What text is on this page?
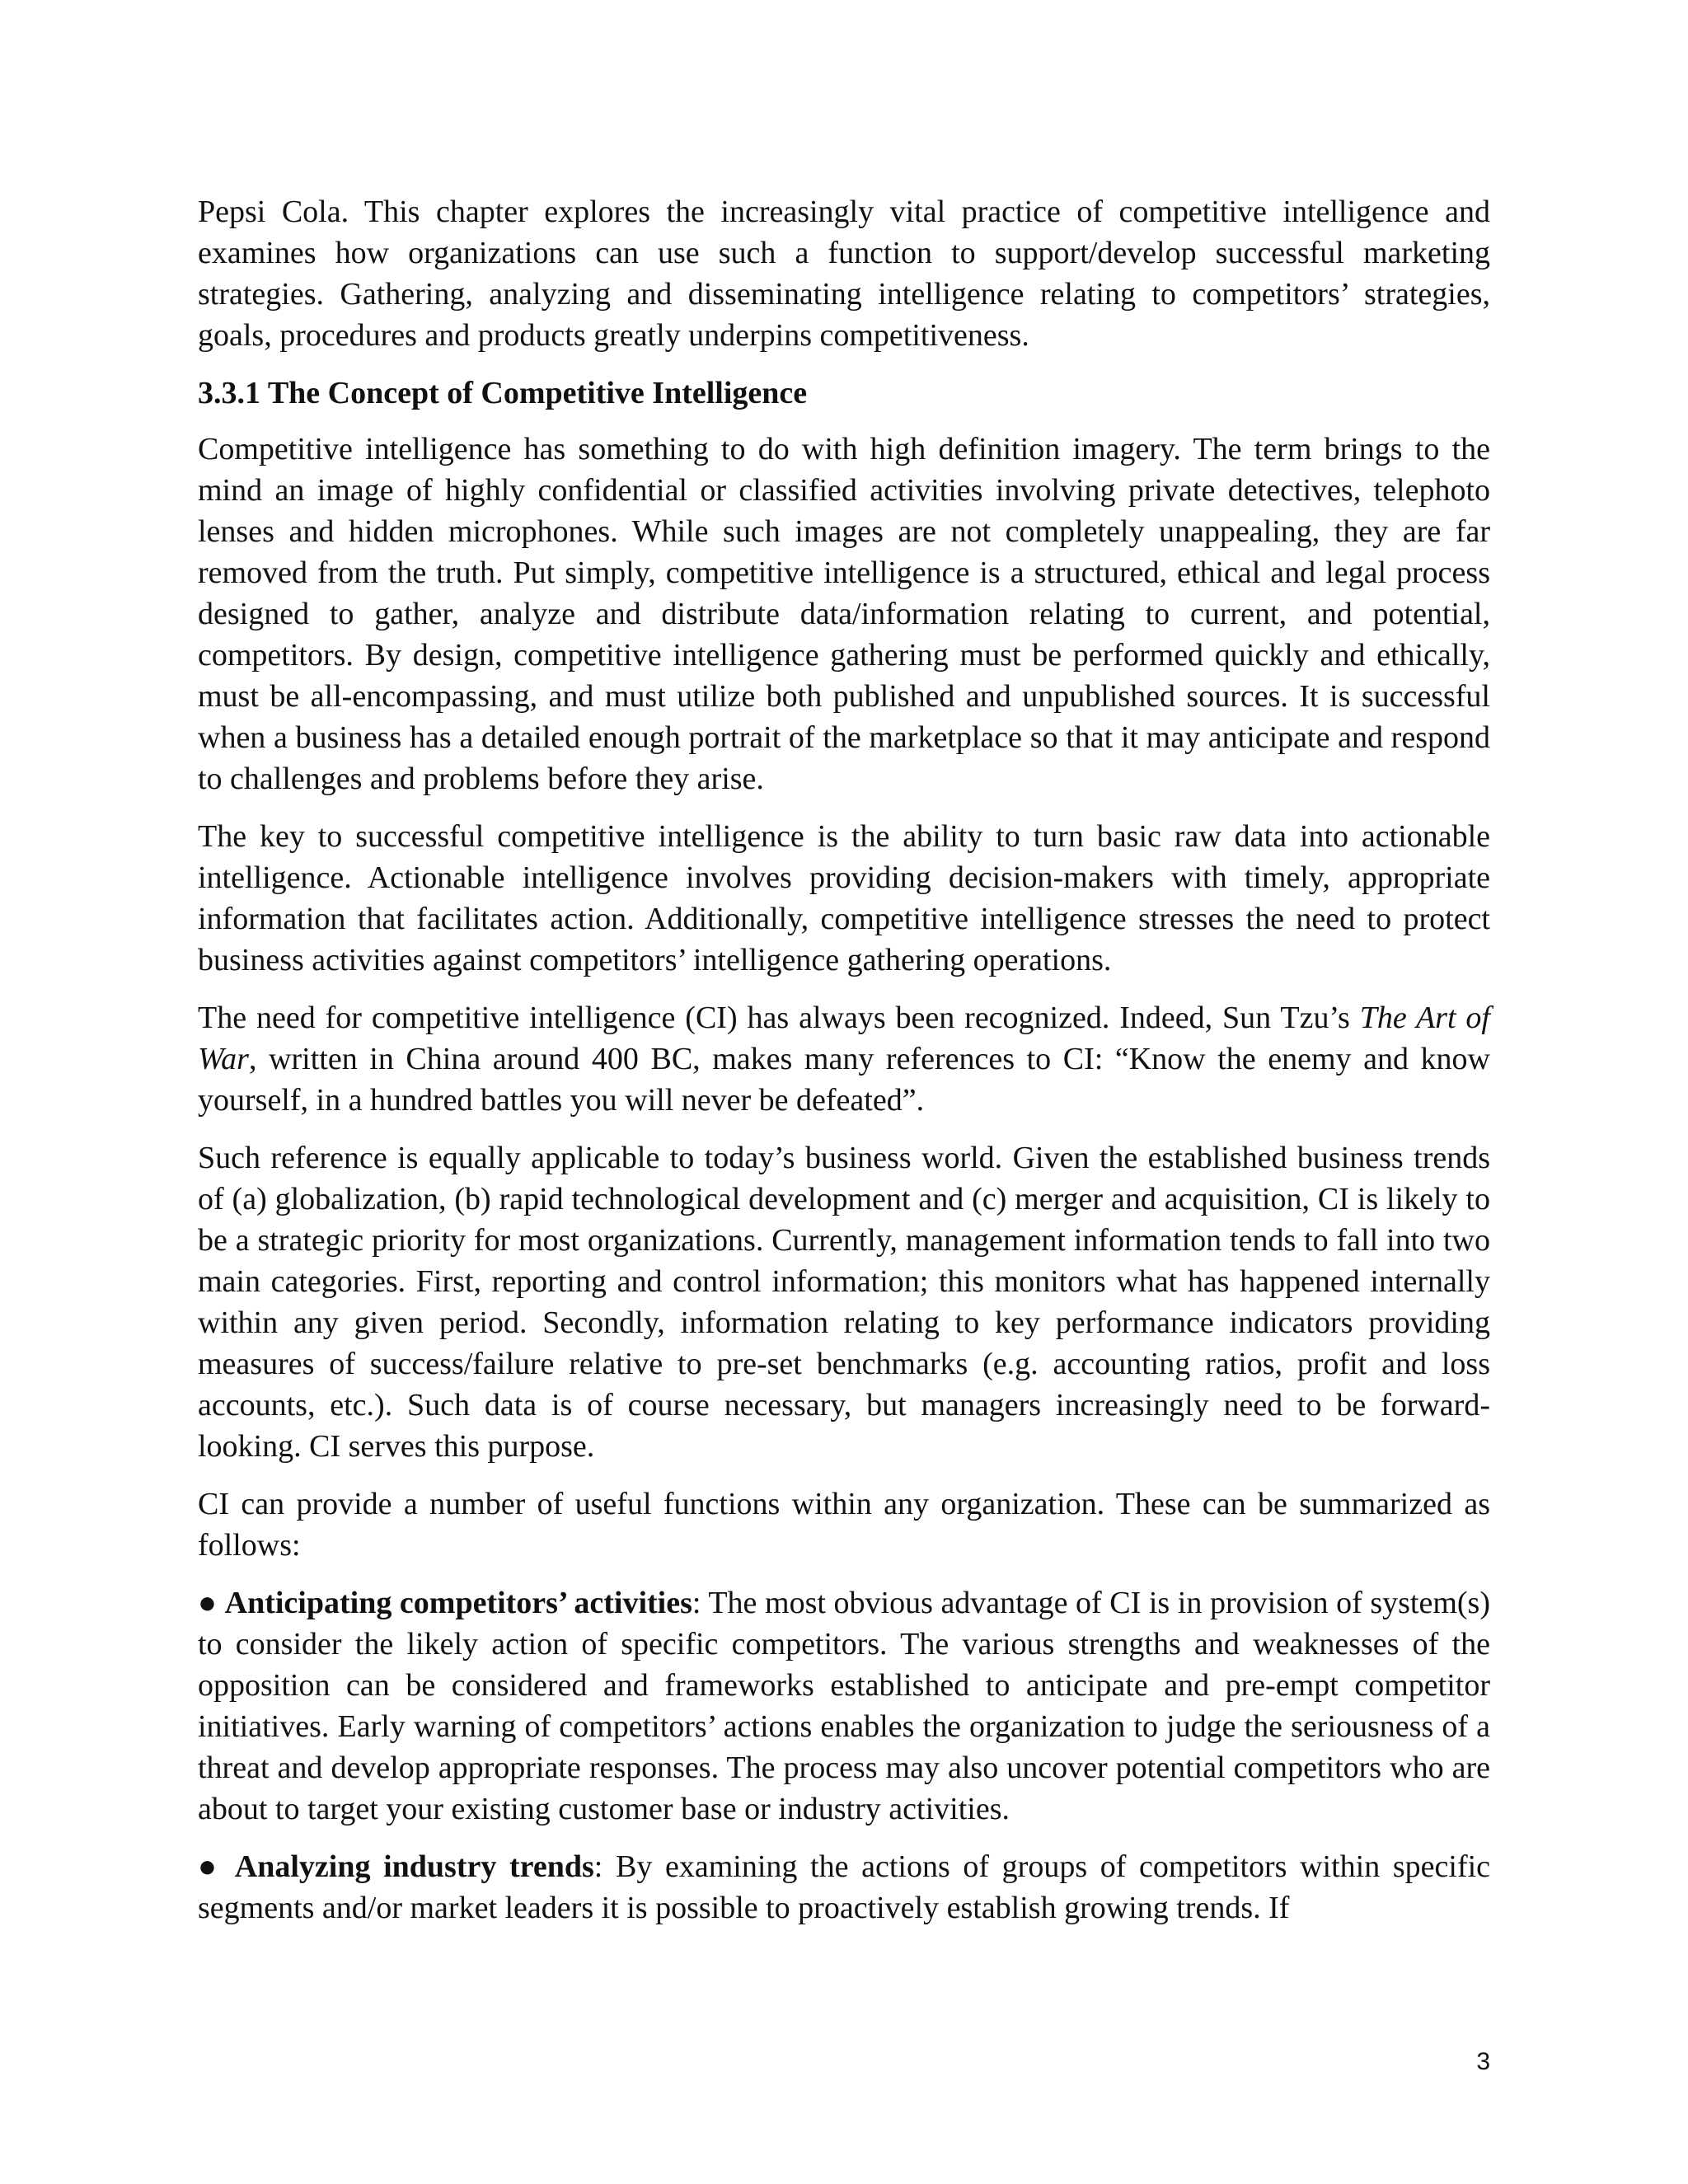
Pepsi Cola. This chapter explores the increasingly vital practice of competitive intelligence and examines how organizations can use such a function to support/develop successful marketing strategies. Gathering, analyzing and disseminating intelligence relating to competitors’ strategies, goals, procedures and products greatly underpins competitiveness.

3.3.1 The Concept of Competitive Intelligence

Competitive intelligence has something to do with high definition imagery. The term brings to the mind an image of highly confidential or classified activities involving private detectives, telephoto lenses and hidden microphones. While such images are not completely unappealing, they are far removed from the truth. Put simply, competitive intelligence is a structured, ethical and legal process designed to gather, analyze and distribute data/information relating to current, and potential, competitors. By design, competitive intelligence gathering must be performed quickly and ethically, must be all-encompassing, and must utilize both published and unpublished sources. It is successful when a business has a detailed enough portrait of the marketplace so that it may anticipate and respond to challenges and problems before they arise.

The key to successful competitive intelligence is the ability to turn basic raw data into actionable intelligence. Actionable intelligence involves providing decision-makers with timely, appropriate information that facilitates action. Additionally, competitive intelligence stresses the need to protect business activities against competitors’ intelligence gathering operations.

The need for competitive intelligence (CI) has always been recognized. Indeed, Sun Tzu’s The Art of War, written in China around 400 BC, makes many references to CI: “Know the enemy and know yourself, in a hundred battles you will never be defeated”.

Such reference is equally applicable to today’s business world. Given the established business trends of (a) globalization, (b) rapid technological development and (c) merger and acquisition, CI is likely to be a strategic priority for most organizations. Currently, management information tends to fall into two main categories. First, reporting and control information; this monitors what has happened internally within any given period. Secondly, information relating to key performance indicators providing measures of success/failure relative to pre-set benchmarks (e.g. accounting ratios, profit and loss accounts, etc.). Such data is of course necessary, but managers increasingly need to be forward-looking. CI serves this purpose.

CI can provide a number of useful functions within any organization. These can be summarized as follows:

● Anticipating competitors’ activities: The most obvious advantage of CI is in provision of system(s) to consider the likely action of specific competitors. The various strengths and weaknesses of the opposition can be considered and frameworks established to anticipate and pre-empt competitor initiatives. Early warning of competitors’ actions enables the organization to judge the seriousness of a threat and develop appropriate responses. The process may also uncover potential competitors who are about to target your existing customer base or industry activities.

● Analyzing industry trends: By examining the actions of groups of competitors within specific segments and/or market leaders it is possible to proactively establish growing trends. If

3
